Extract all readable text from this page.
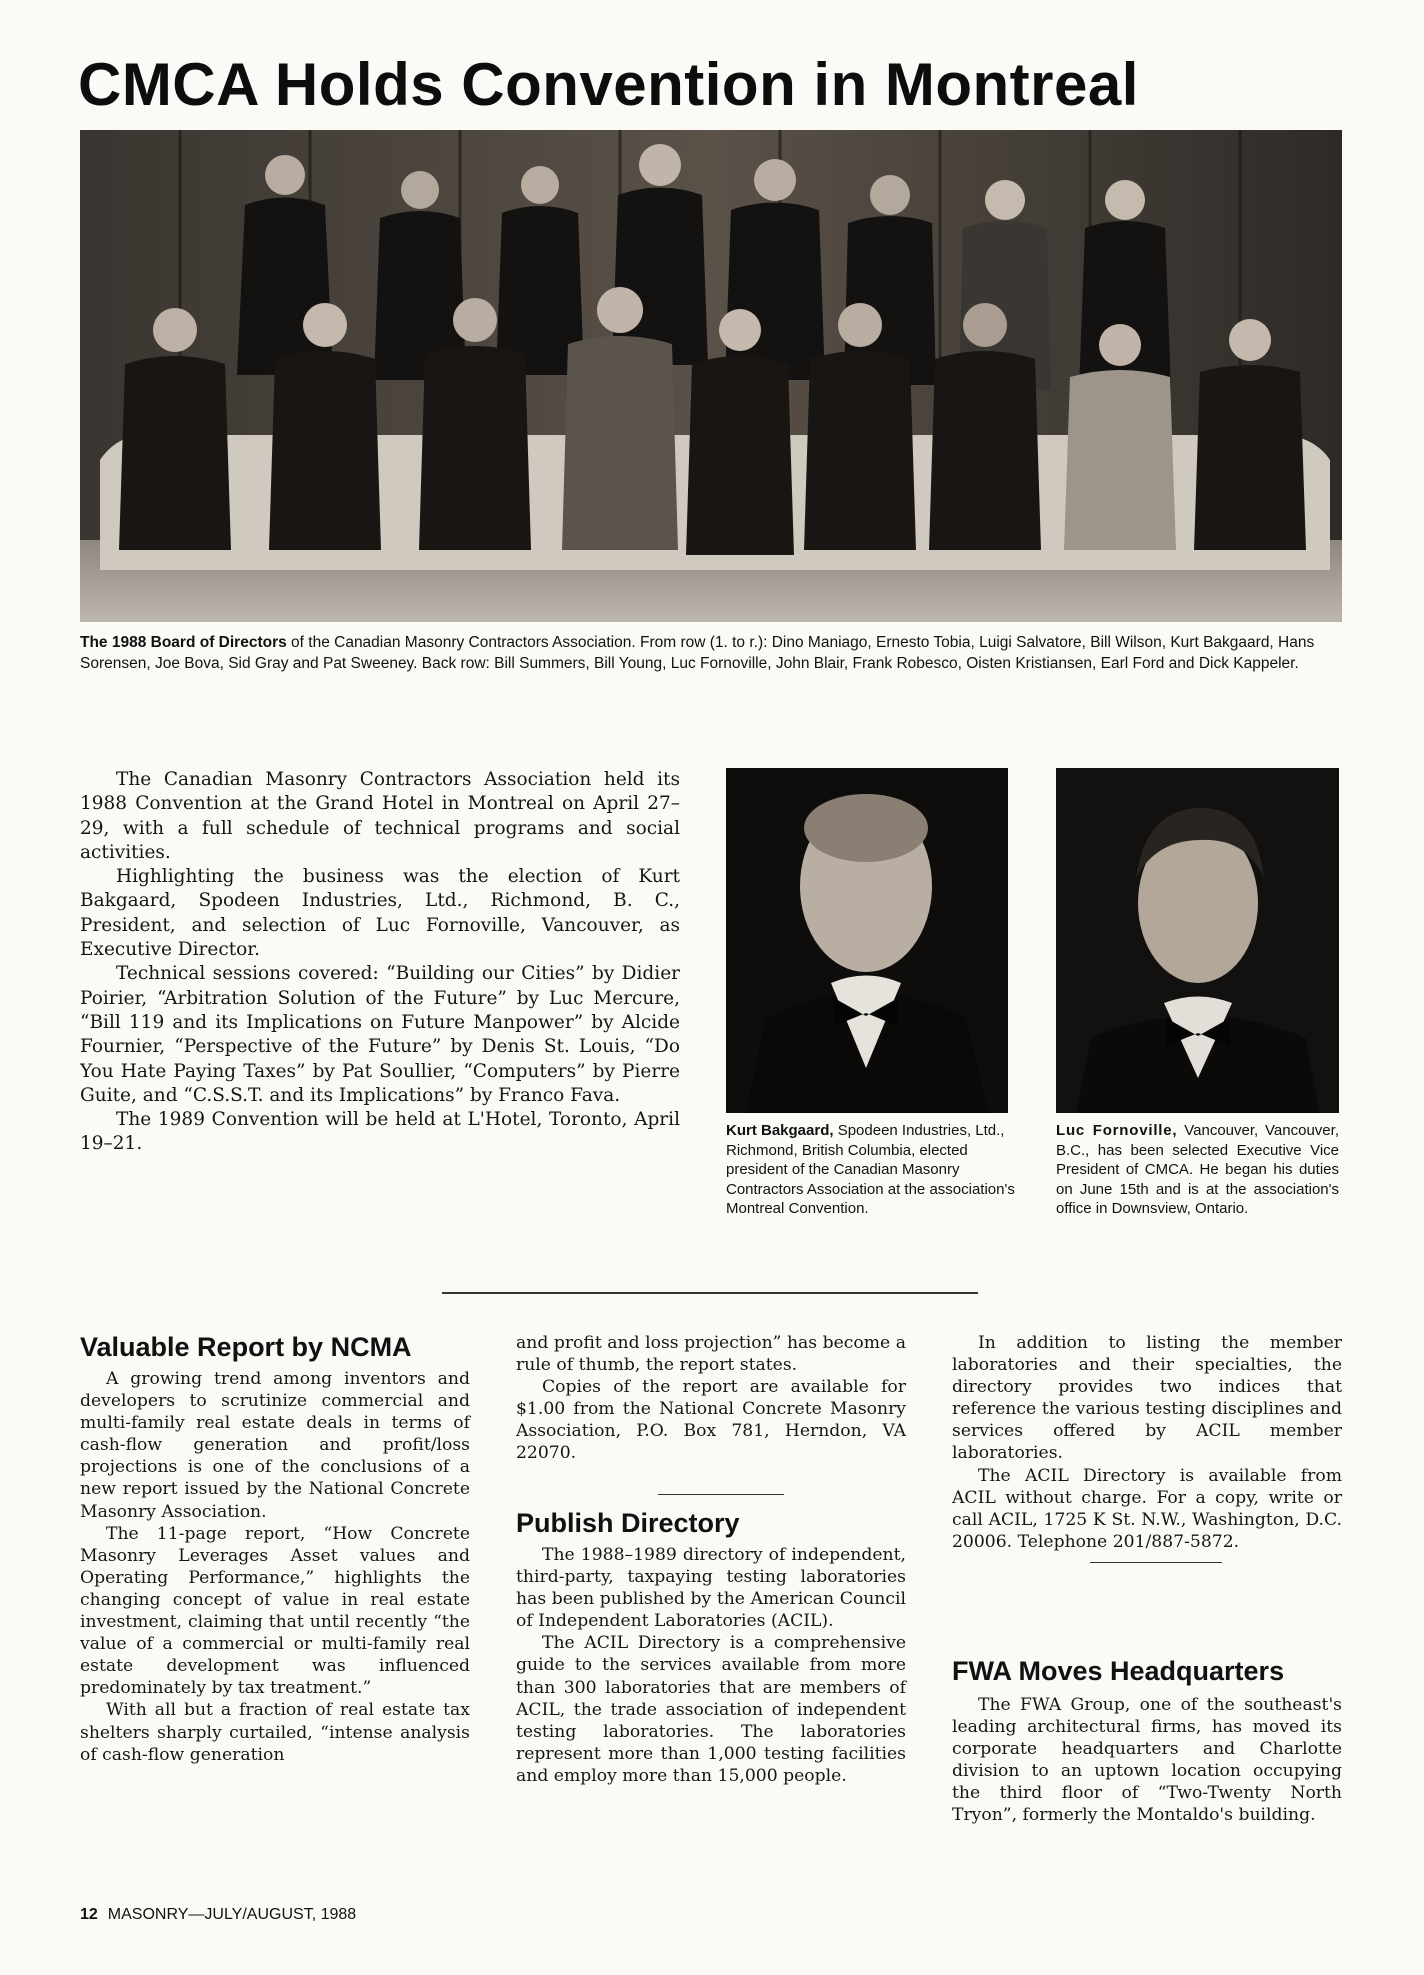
CMCA Holds Convention in Montreal
The 1988 Board of Directors of the Canadian Masonry Contractors Association. From row (1. to r.): Dino Maniago, Ernesto Tobia, Luigi Salvatore, Bill Wilson, Kurt Bakgaard, Hans Sorensen, Joe Bova, Sid Gray and Pat Sweeney. Back row: Bill Summers, Bill Young, Luc Fornoville, John Blair, Frank Robesco, Oisten Kristiansen, Earl Ford and Dick Kappeler.

The Canadian Masonry Contractors Association held its 1988 Convention at the Grand Hotel in Montreal on April 27–29, with a full schedule of technical programs and social activities.

Highlighting the business was the election of Kurt Bakgaard, Spodeen Industries, Ltd., Richmond, B. C., President, and selection of Luc Fornoville, Vancouver, as Executive Director.

Technical sessions covered: “Building our Cities” by Didier Poirier, “Arbitration Solution of the Future” by Luc Mercure, “Bill 119 and its Implications on Future Manpower” by Alcide Fournier, “Perspective of the Future” by Denis St. Louis, “Do You Hate Paying Taxes” by Pat Soullier, “Computers” by Pierre Guite, and “C.S.S.T. and its Implications” by Franco Fava.

The 1989 Convention will be held at L'Hotel, Toronto, April 19–21.

Kurt Bakgaard, Spodeen Industries, Ltd., Richmond, British Columbia, elected president of the Canadian Masonry Contractors Association at the association's Montreal Convention.
Luc Fornoville, Vancouver, Vancouver, B.C., has been selected Executive Vice President of CMCA. He began his duties on June 15th and is at the association's office in Downsview, Ontario.
Valuable Report by NCMA

A growing trend among inventors and developers to scrutinize commercial and multi-family real estate deals in terms of cash-flow generation and profit/loss projections is one of the conclusions of a new report issued by the National Concrete Masonry Association.

The 11-page report, “How Concrete Masonry Leverages Asset values and Operating Performance,” highlights the changing concept of value in real estate investment, claiming that until recently “the value of a commercial or multi-family real estate development was influenced predominately by tax treatment.”

With all but a fraction of real estate tax shelters sharply curtailed, “intense analysis of cash-flow generation

and profit and loss projection” has become a rule of thumb, the report states.

Copies of the report are available for $1.00 from the National Concrete Masonry Association, P.O. Box 781, Herndon, VA 22070.

Publish Directory

The 1988–1989 directory of independent, third-party, taxpaying testing laboratories has been published by the American Council of Independent Laboratories (ACIL).

The ACIL Directory is a comprehensive guide to the services available from more than 300 laboratories that are members of ACIL, the trade association of independent testing laboratories. The laboratories represent more than 1,000 testing facilities and employ more than 15,000 people.

In addition to listing the member laboratories and their specialties, the directory provides two indices that reference the various testing disciplines and services offered by ACIL member laboratories.

The ACIL Directory is available from ACIL without charge. For a copy, write or call ACIL, 1725 K St. N.W., Washington, D.C. 20006. Telephone 201/887-5872.

FWA Moves Headquarters

The FWA Group, one of the southeast's leading architectural firms, has moved its corporate headquarters and Charlotte division to an uptown location occupying the third floor of “Two-Twenty North Tryon”, formerly the Montaldo's building.

12 MASONRY—JULY/AUGUST, 1988
